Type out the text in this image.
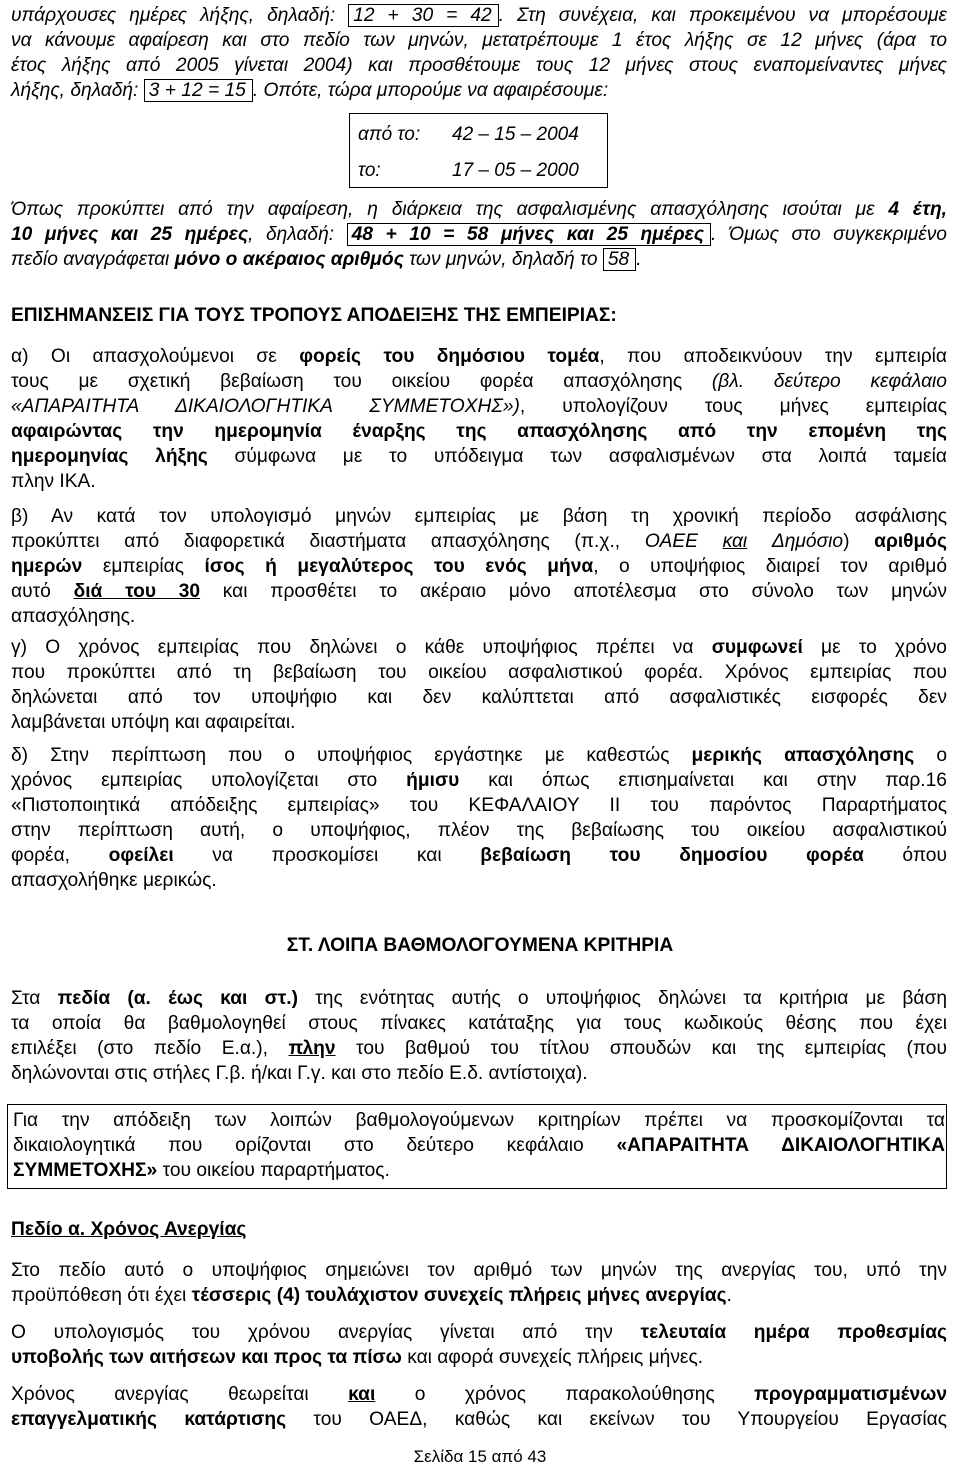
υπάρχουσες ημέρες λήξης, δηλαδή: 12 + 30 = 42 . Στη συνέχεια, και προκειμένου να μπορέσουμε
να κάνουμε αφαίρεση και στο πεδίο των μηνών, μετατρέπουμε 1 έτος λήξης σε 12 μήνες (άρα το
έτος λήξης από 2005 γίνεται 2004) και προσθέτουμε τους 12 μήνες στους εναπομείναντες μήνες
λήξης, δηλαδή: 3 + 12 = 15 . Οπότε, τώρα μπορούμε να αφαιρέσουμε:
από το: 42 – 15 – 2004
το:	17 – 05 – 2000
Όπως προκύπτει από την αφαίρεση, η διάρκεια της ασφαλισμένης απασχόλησης ισούται με 4 έτη,
10 μήνες και 25 ημέρες, δηλαδή: 48 + 10 = 58 μήνες και 25 ημέρες . Όμως στο συγκεκριμένο
πεδίο αναγράφεται μόνο ο ακέραιος αριθμός των μηνών, δηλαδή το 58 .
ΕΠΙΣΗΜΑΝΣΕΙΣ ΓΙΑ ΤΟΥΣ ΤΡΟΠΟΥΣ ΑΠΟΔΕΙΞΗΣ ΤΗΣ ΕΜΠΕΙΡΙΑΣ:
α) Οι απασχολούμενοι σε φορείς του δημόσιου τομέα, που αποδεικνύουν την εμπειρία
τους με σχετική βεβαίωση του οικείου φορέα απασχόλησης (βλ. δεύτερο κεφάλαιο
«ΑΠΑΡΑΙΤΗΤΑ ΔΙΚΑΙΟΛΟΓΗΤΙΚΑ ΣΥΜΜΕΤΟΧΗΣ»), υπολογίζουν τους μήνες εμπειρίας
αφαιρώντας την ημερομηνία έναρξης της απασχόλησης από την επομένη της
ημερομηνίας λήξης σύμφωνα με το υπόδειγμα των ασφαλισμένων στα λοιπά ταμεία
πλην ΙΚΑ.
β) Αν κατά τον υπολογισμό μηνών εμπειρίας με βάση τη χρονική περίοδο ασφάλισης
προκύπτει από διαφορετικά διαστήματα απασχόλησης (π.χ., ΟΑΕΕ και Δημόσιο) αριθμός
ημερών εμπειρίας ίσος ή μεγαλύτερος του ενός μήνα, ο υποψήφιος διαιρεί τον αριθμό
αυτό διά του 30 και προσθέτει το ακέραιο μόνο αποτέλεσμα στο σύνολο των μηνών
απασχόλησης.
γ) Ο χρόνος εμπειρίας που δηλώνει ο κάθε υποψήφιος πρέπει να συμφωνεί με το χρόνο
που προκύπτει από τη βεβαίωση του οικείου ασφαλιστικού φορέα. Χρόνος εμπειρίας που
δηλώνεται από τον υποψήφιο και δεν καλύπτεται από ασφαλιστικές εισφορές δεν
λαμβάνεται υπόψη και αφαιρείται.
δ) Στην περίπτωση που ο υποψήφιος εργάστηκε με καθεστώς μερικής απασχόλησης ο
χρόνος εμπειρίας υπολογίζεται στο ήμισυ και όπως επισημαίνεται και στην παρ.16
«Πιστοποιητικά απόδειξης εμπειρίας» του ΚΕΦΑΛΑΙΟΥ ΙΙ του παρόντος Παραρτήματος
στην περίπτωση αυτή, ο υποψήφιος, πλέον της βεβαίωσης του οικείου ασφαλιστικού
φορέα, οφείλει να προσκομίσει και βεβαίωση του δημοσίου φορέα όπου
απασχολήθηκε μερικώς.
ΣΤ. ΛΟΙΠΑ ΒΑΘΜΟΛΟΓΟΥΜΕΝΑ ΚΡΙΤΗΡΙΑ
Στα πεδία (α. έως και στ.) της ενότητας αυτής ο υποψήφιος δηλώνει τα κριτήρια με βάση
τα οποία θα βαθμολογηθεί στους πίνακες κατάταξης για τους κωδικούς θέσης που έχει
επιλέξει (στο πεδίο Ε.α.), πλην του βαθμού του τίτλου σπουδών και της εμπειρίας (που
δηλώνονται στις στήλες Γ.β. ή/και Γ.γ. και στο πεδίο Ε.δ. αντίστοιχα).
Για την απόδειξη των λοιπών βαθμολογούμενων κριτηρίων πρέπει να προσκομίζονται τα
δικαιολογητικά που ορίζονται στο δεύτερο κεφάλαιο «ΑΠΑΡΑΙΤΗΤΑ ΔΙΚΑΙΟΛΟΓΗΤΙΚΑ
ΣΥΜΜΕΤΟΧΗΣ» του οικείου παραρτήματος.
Πεδίο α. Χρόνος Ανεργίας
Στο πεδίο αυτό ο υποψήφιος σημειώνει τον αριθμό των μηνών της ανεργίας του, υπό την
προϋπόθεση ότι έχει τέσσερις (4) τουλάχιστον συνεχείς πλήρεις μήνες ανεργίας.
Ο υπολογισμός του χρόνου ανεργίας γίνεται από την τελευταία ημέρα προθεσμίας
υποβολής των αιτήσεων και προς τα πίσω και αφορά συνεχείς πλήρεις μήνες.
Χρόνος ανεργίας θεωρείται και ο χρόνος παρακολούθησης προγραμματισμένων
επαγγελματικής κατάρτισης του ΟΑΕΔ, καθώς και εκείνων του Υπουργείου Εργασίας
Σελίδα 15 από 43
